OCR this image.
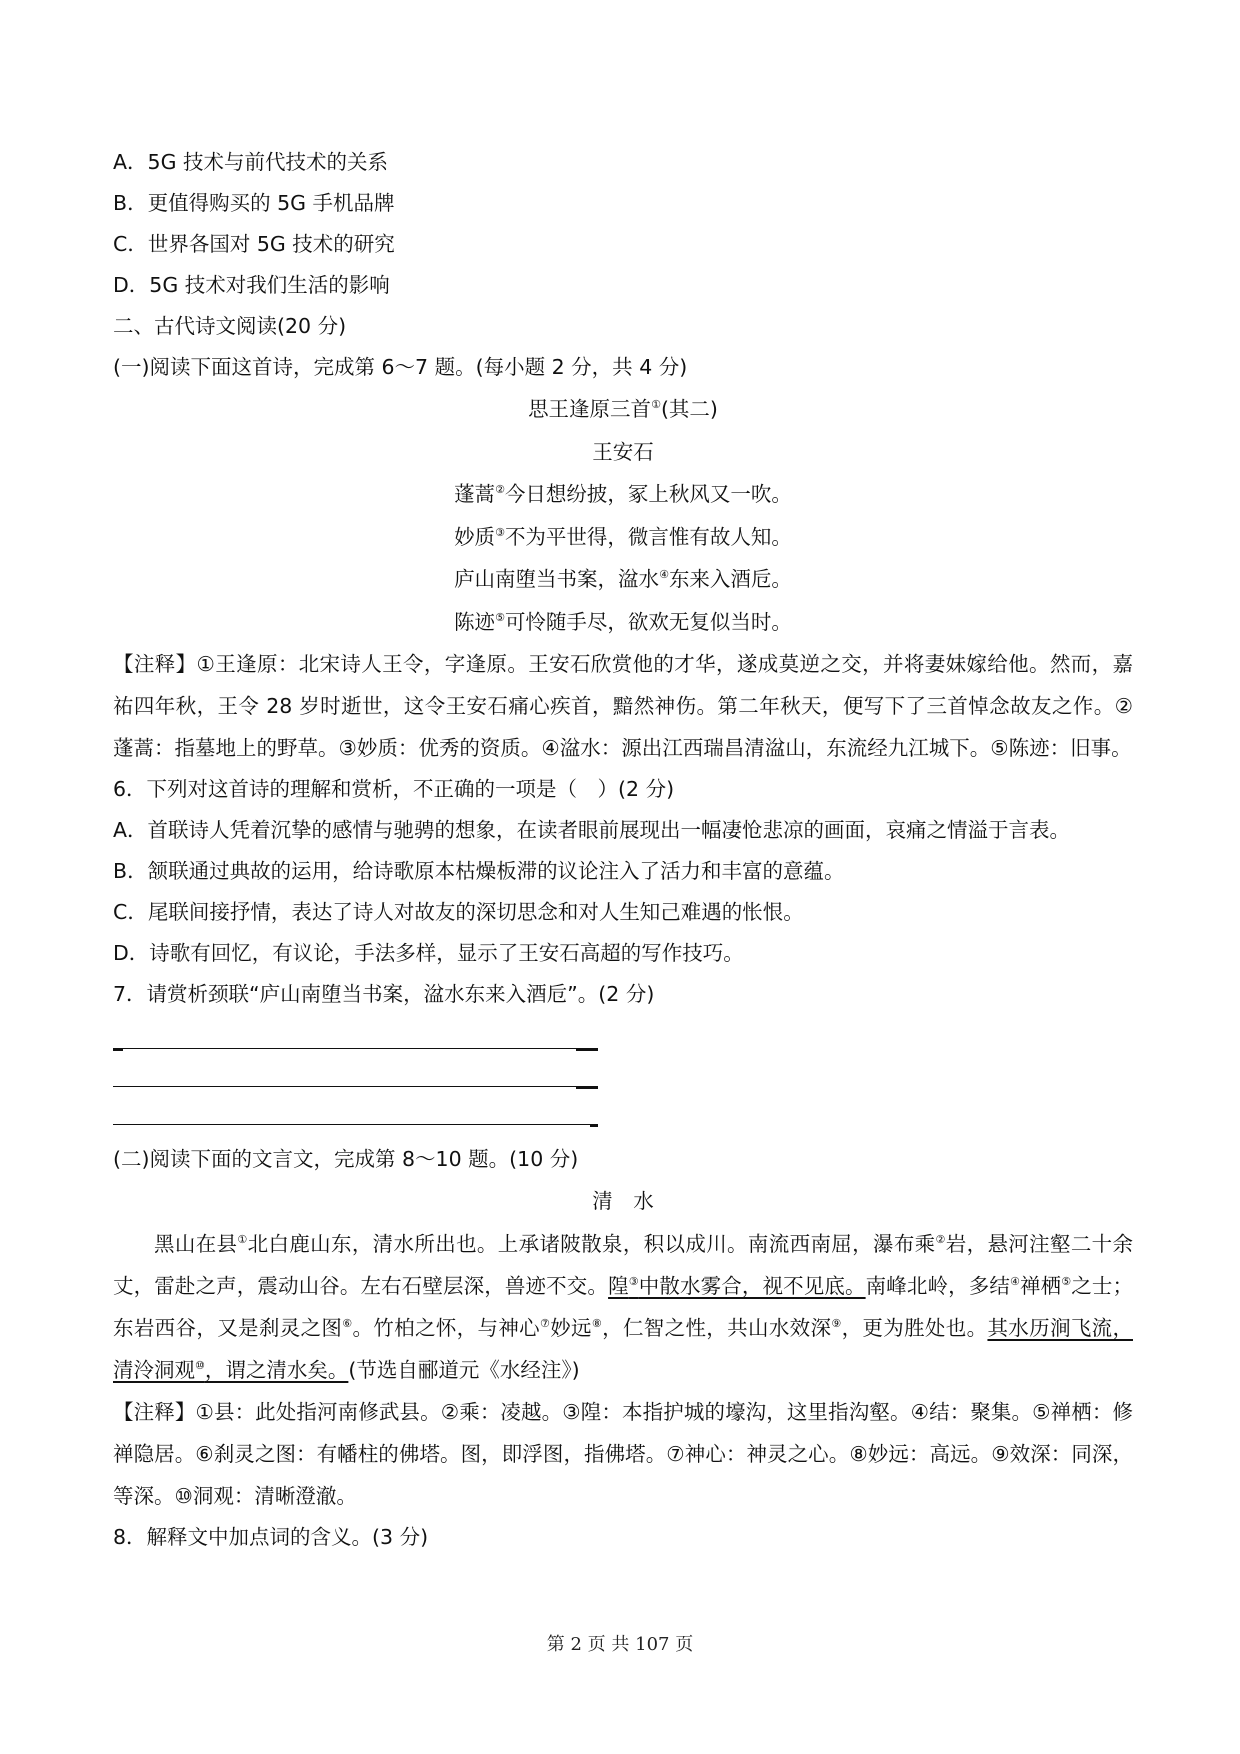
A．5G 技术与前代技术的关系
B．更值得购买的 5G 手机品牌
C．世界各国对 5G 技术的研究
D．5G 技术对我们生活的影响
二、古代诗文阅读(20 分)
(一)阅读下面这首诗，完成第 6～7 题。(每小题 2 分，共 4 分)
思王逢原三首①(其二)
王安石
蓬蒿②今日想纷披，冢上秋风又一吹。
妙质③不为平世得，微言惟有故人知。
庐山南堕当书案，湓水④东来入酒卮。
陈迹⑤可怜随手尽，欲欢无复似当时。
【注释】①王逢原：北宋诗人王令，字逢原。王安石欣赏他的才华，遂成莫逆之交，并将妻妹嫁给他。然而，嘉祐四年秋，王令 28 岁时逝世，这令王安石痛心疾首，黯然神伤。第二年秋天，便写下了三首悼念故友之作。②蓬蒿：指墓地上的野草。③妙质：优秀的资质。④湓水：源出江西瑞昌清湓山，东流经九江城下。⑤陈迹：旧事。
6．下列对这首诗的理解和赏析，不正确的一项是（　）(2 分)
A．首联诗人凭着沉挚的感情与驰骋的想象，在读者眼前展现出一幅凄怆悲凉的画面，哀痛之情溢于言表。
B．颔联通过典故的运用，给诗歌原本枯燥板滞的议论注入了活力和丰富的意蕴。
C．尾联间接抒情，表达了诗人对故友的深切思念和对人生知己难遇的怅恨。
D．诗歌有回忆，有议论，手法多样，显示了王安石高超的写作技巧。
7．请赏析颈联“庐山南堕当书案，湓水东来入酒卮”。(2 分)
(二)阅读下面的文言文，完成第 8～10 题。(10 分)
清　水
黑山在县①北白鹿山东，清水所出也。上承诸陂散泉，积以成川。南流西南屈，瀑布乘②岩，悬河注壑二十余丈，雷赴之声，震动山谷。左右石壁层深，兽迹不交。隍③中散水雾合，视不见底。南峰北岭，多结④禅栖⑤之士；东岩西谷，又是刹灵之图⑥。竹柏之怀，与神心⑦妙远⑧，仁智之性，共山水效深⑨，更为胜处也。其水历涧飞流，清泠洞观⑩，谓之清水矣。(节选自郦道元《水经注》)
【注释】①县：此处指河南修武县。②乘：凌越。③隍：本指护城的壕沟，这里指沟壑。④结：聚集。⑤禅栖：修禅隐居。⑥刹灵之图：有幡柱的佛塔。图，即浮图，指佛塔。⑦神心：神灵之心。⑧妙远：高远。⑨效深：同深，等深。⑩洞观：清晰澄澈。
8．解释文中加点词的含义。(3 分)
第 2 页 共 107 页
